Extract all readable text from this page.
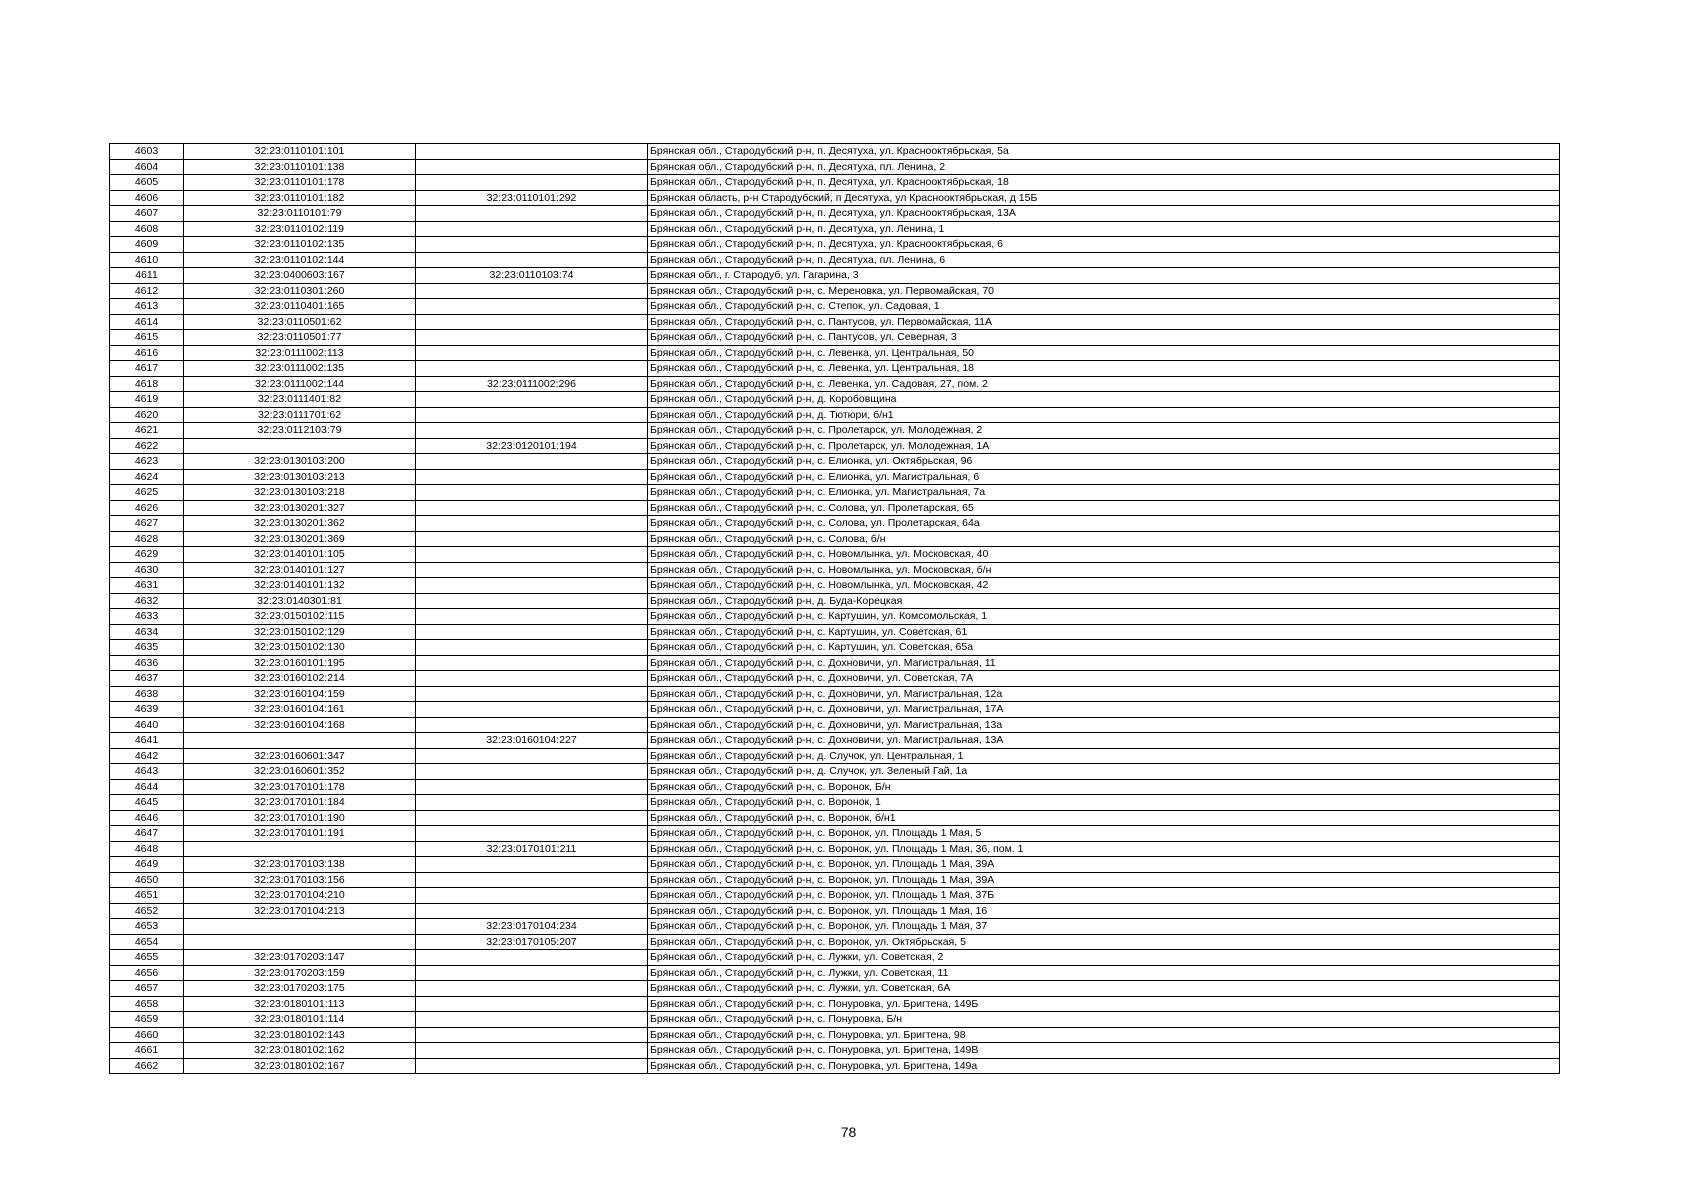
4603	32:23:0110101:101		Брянская обл., Стародубский р-н, п. Десятуха, ул. Краснооктябрьская, 5а
4604	32:23:0110101:138		Брянская обл., Стародубский р-н, п. Десятуха, пл. Ленина, 2
4605	32:23:0110101:178		Брянская обл., Стародубский р-н, п. Десятуха, ул. Краснооктябрьская, 18
4606	32:23:0110101:182	32:23:0110101:292	Брянская область, р-н Стародубский, п Десятуха, ул Краснооктябрьская, д 15Б
4607	32:23:0110101:79		Брянская обл., Стародубский р-н, п. Десятуха, ул. Краснооктябрьская, 13А
4608	32:23:0110102:119		Брянская обл., Стародубский р-н, п. Десятуха, ул. Ленина, 1
4609	32:23:0110102:135		Брянская обл., Стародубский р-н, п. Десятуха, ул. Краснооктябрьская, 6
4610	32:23:0110102:144		Брянская обл., Стародубский р-н, п. Десятуха, пл. Ленина, 6
4611	32:23:0400603:167	32:23:0110103:74	Брянская обл., г. Стародуб, ул. Гагарина, 3
4612	32:23:0110301:260		Брянская обл., Стародубский р-н, с. Мереновка, ул. Первомайская, 70
4613	32:23:0110401:165		Брянская обл., Стародубский р-н, с. Степок, ул. Садовая, 1
4614	32:23:0110501:62		Брянская обл., Стародубский р-н, с. Пантусов, ул. Первомайская, 11А
4615	32:23:0110501:77		Брянская обл., Стародубский р-н, с. Пантусов, ул. Северная, 3
4616	32:23:0111002:113		Брянская обл., Стародубский р-н, с. Левенка, ул. Центральная, 50
4617	32:23:0111002:135		Брянская обл., Стародубский р-н, с. Левенка, ул. Центральная, 18
4618	32:23:0111002:144	32:23:0111002:296	Брянская обл., Стародубский р-н, с. Левенка, ул. Садовая, 27, пом. 2
4619	32:23:0111401:82		Брянская обл., Стародубский р-н, д. Коробовщина
4620	32:23:0111701:62		Брянская обл., Стародубский р-н, д. Тютюри, б/н1
4621	32:23:0112103:79		Брянская обл., Стародубский р-н, с. Пролетарск, ул. Молодежная, 2
4622		32:23:0120101:194	Брянская обл., Стародубский р-н, с. Пролетарск, ул. Молодежная, 1А
4623	32:23:0130103:200		Брянская обл., Стародубский р-н, с. Елионка, ул. Октябрьская, 96
4624	32:23:0130103:213		Брянская обл., Стародубский р-н, с. Елионка, ул. Магистральная, 6
4625	32:23:0130103:218		Брянская обл., Стародубский р-н, с. Елионка, ул. Магистральная, 7а
4626	32:23:0130201:327		Брянская обл., Стародубский р-н, с. Солова, ул. Пролетарская, 65
4627	32:23:0130201:362		Брянская обл., Стародубский р-н, с. Солова, ул. Пролетарская, 64а
4628	32:23:0130201:369		Брянская обл., Стародубский р-н, с. Солова, б/н
4629	32:23:0140101:105		Брянская обл., Стародубский р-н, с. Новомлынка, ул. Московская, 40
4630	32:23:0140101:127		Брянская обл., Стародубский р-н, с. Новомлынка, ул. Московская, б/н
4631	32:23:0140101:132		Брянская обл., Стародубский р-н, с. Новомлынка, ул. Московская, 42
4632	32:23:0140301:81		Брянская обл., Стародубский р-н, д. Буда-Корецкая
4633	32:23:0150102:115		Брянская обл., Стародубский р-н, с. Картушин, ул. Комсомольская, 1
4634	32:23:0150102:129		Брянская обл., Стародубский р-н, с. Картушин, ул. Советская, 61
4635	32:23:0150102:130		Брянская обл., Стародубский р-н, с. Картушин, ул. Советская, 65а
4636	32:23:0160101:195		Брянская обл., Стародубский р-н, с. Дохновичи, ул. Магистральная, 11
4637	32:23:0160102:214		Брянская обл., Стародубский р-н, с. Дохновичи, ул. Советская, 7А
4638	32:23:0160104:159		Брянская обл., Стародубский р-н, с. Дохновичи, ул. Магистральная, 12а
4639	32:23:0160104:161		Брянская обл., Стародубский р-н, с. Дохновичи, ул. Магистральная, 17А
4640	32:23:0160104:168		Брянская обл., Стародубский р-н, с. Дохновичи, ул. Магистральная, 13а
4641		32:23:0160104:227	Брянская обл., Стародубский р-н, с. Дохновичи, ул. Магистральная, 13А
4642	32:23:0160601:347		Брянская обл., Стародубский р-н, д. Случок, ул. Центральная, 1
4643	32:23:0160601:352		Брянская обл., Стародубский р-н, д. Случок, ул. Зеленый Гай, 1а
4644	32:23:0170101:178		Брянская обл., Стародубский р-н, с. Воронок, Б/н
4645	32:23:0170101:184		Брянская обл., Стародубский р-н, с. Воронок, 1
4646	32:23:0170101:190		Брянская обл., Стародубский р-н, с. Воронок, б/н1
4647	32:23:0170101:191		Брянская обл., Стародубский р-н, с. Воронок, ул. Площадь 1 Мая, 5
4648		32:23:0170101:211	Брянская обл., Стародубский р-н, с. Воронок, ул. Площадь 1 Мая, 36, пом. 1
4649	32:23:0170103:138		Брянская обл., Стародубский р-н, с. Воронок, ул. Площадь 1 Мая, 39А
4650	32:23:0170103:156		Брянская обл., Стародубский р-н, с. Воронок, ул. Площадь 1 Мая, 39А
4651	32:23:0170104:210		Брянская обл., Стародубский р-н, с. Воронок, ул. Площадь 1 Мая, 37Б
4652	32:23:0170104:213		Брянская обл., Стародубский р-н, с. Воронок, ул. Площадь 1 Мая, 16
4653		32:23:0170104:234	Брянская обл., Стародубский р-н, с. Воронок, ул. Площадь 1 Мая, 37
4654		32:23:0170105:207	Брянская обл., Стародубский р-н, с. Воронок, ул. Октябрьская, 5
4655	32:23:0170203:147		Брянская обл., Стародубский р-н, с. Лужки, ул. Советская, 2
4656	32:23:0170203:159		Брянская обл., Стародубский р-н, с. Лужки, ул. Советская, 11
4657	32:23:0170203:175		Брянская обл., Стародубский р-н, с. Лужки, ул. Советская, 6А
4658	32:23:0180101:113		Брянская обл., Стародубский р-н, с. Понуровка, ул. Бригтена, 149Б
4659	32:23:0180101:114		Брянская обл., Стародубский р-н, с. Понуровка, Б/н
4660	32:23:0180102:143		Брянская обл., Стародубский р-н, с. Понуровка, ул. Бригтена, 98
4661	32:23:0180102:162		Брянская обл., Стародубский р-н, с. Понуровка, ул. Бригтена, 149В
4662	32:23:0180102:167		Брянская обл., Стародубский р-н, с. Понуровка, ул. Бригтена, 149а
78
